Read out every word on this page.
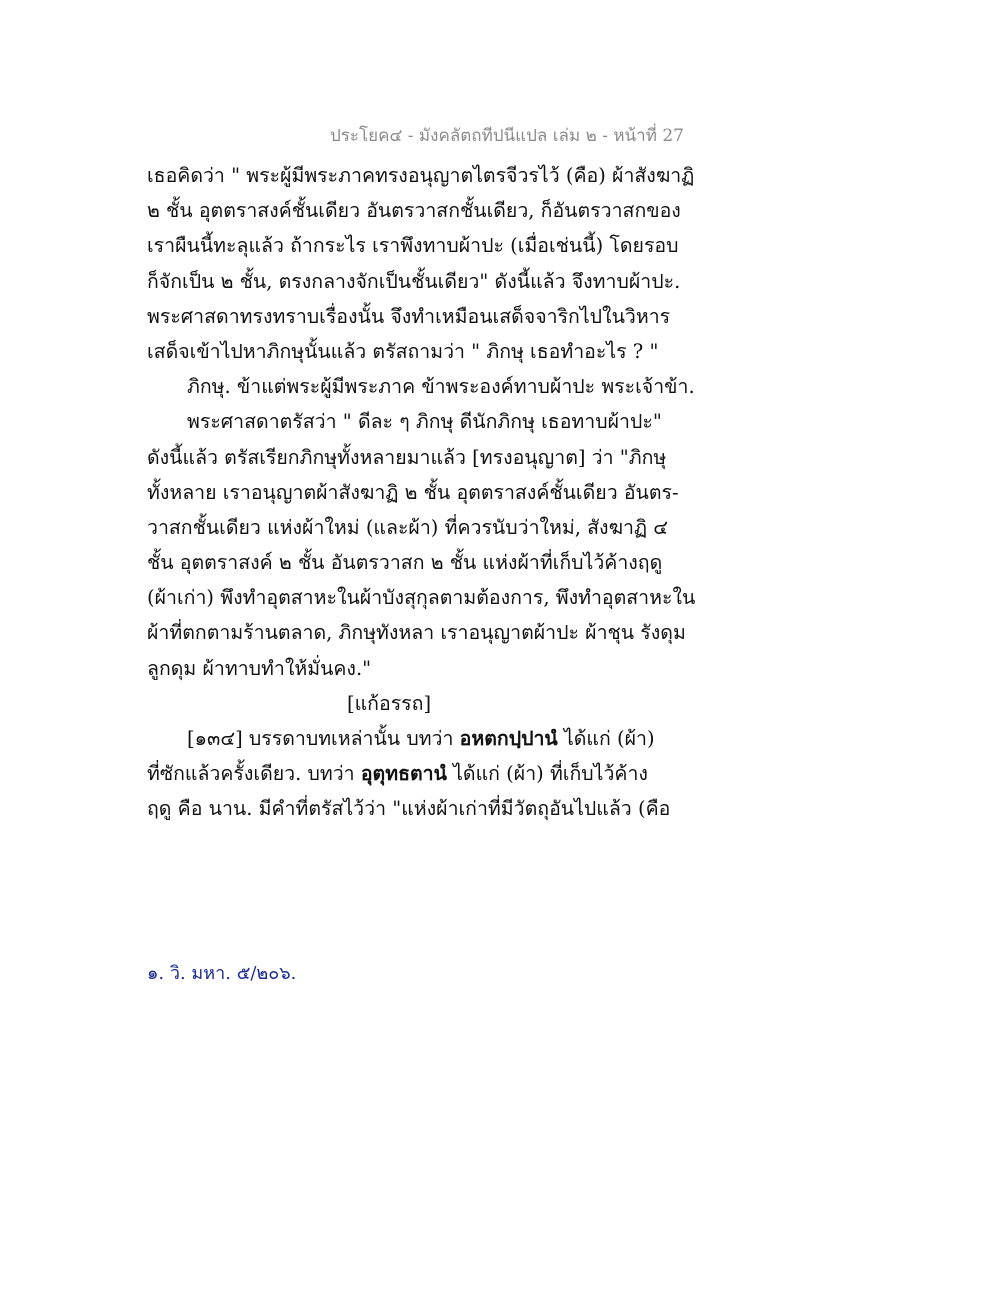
ประโยค๔ - มังคลัตถทีปนีแปล เล่ม ๒ - หน้าที่ 27
เธอคิดว่า " พระผู้มีพระภาคทรงอนุญาตไตรจีวรไว้ (คือ) ผ้าสังฆาฏิ
๒ ชั้น อุตตราสงค์ชั้นเดียว อันตรวาสกชั้นเดียว, ก็อันตรวาสกของ
เราผืนนี้ทะลุแล้ว ถ้ากระไร เราพึงทาบผ้าปะ (เมื่อเช่นนี้) โดยรอบ
ก็จักเป็น ๒ ชั้น, ตรงกลางจักเป็นชั้นเดียว" ดังนี้แล้ว จึงทาบผ้าปะ.
พระศาสดาทรงทราบเรื่องนั้น จึงทำเหมือนเสด็จจาริกไปในวิหาร
เสด็จเข้าไปหาภิกษุนั้นแล้ว ตรัสถามว่า " ภิกษุ เธอทำอะไร ? "
ภิกษุ. ข้าแต่พระผู้มีพระภาค ข้าพระองค์ทาบผ้าปะ พระเจ้าข้า.
พระศาสดาตรัสว่า " ดีละ ๆ ภิกษุ ดีนักภิกษุ เธอทาบผ้าปะ"
ดังนี้แล้ว ตรัสเรียกภิกษุทั้งหลายมาแล้ว [ทรงอนุญาต] ว่า "ภิกษุ
ทั้งหลาย เราอนุญาตผ้าสังฆาฏิ ๒ ชั้น อุตตราสงค์ชั้นเดียว อันตร-
วาสกชั้นเดียว แห่งผ้าใหม่ (และผ้า) ที่ควรนับว่าใหม่, สังฆาฏิ ๔
ชั้น อุตตราสงค์ ๒ ชั้น อันตรวาสก ๒ ชั้น แห่งผ้าที่เก็บไว้ค้างฤดู
(ผ้าเก่า) พึงทำอุตสาหะในผ้าบังสุกุลตามต้องการ, พึงทำอุตสาหะใน
ผ้าที่ตกตามร้านตลาด, ภิกษุทังหลา เราอนุญาตผ้าปะ ผ้าชุน รังดุม
ลูกดุม ผ้าทาบทำให้มั่นคง."
[แก้อรรถ]
[๑๓๔] บรรดาบทเหล่านั้น บทว่า อหตกปฺปานํ ได้แก่ (ผ้า)
ที่ซักแล้วครั้งเดียว. บทว่า อุตุทธตานํ ได้แก่ (ผ้า) ที่เก็บไว้ค้าง
ฤดู คือ นาน. มีคำที่ตรัสไว้ว่า "แห่งผ้าเก่าที่มีวัตถุอันไปแล้ว (คือ
๑. วิ. มหา. ๕/๒๐๖.
